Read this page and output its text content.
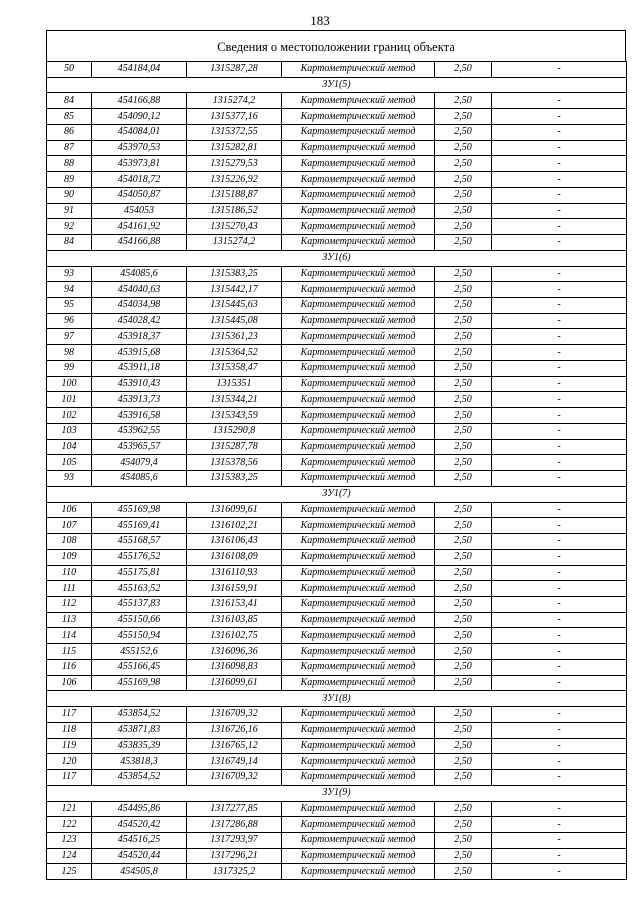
183
Сведения о местоположении границ объекта
50	454184,04	1315287,28	Картометрический метод	2,50	-
ЗУ1(5)					
84	454166,88	1315274,2	Картометрический метод	2,50	-
85	454090,12	1315377,16	Картометрический метод	2,50	-
86	454084,01	1315372,55	Картометрический метод	2,50	-
87	453970,53	1315282,81	Картометрический метод	2,50	-
88	453973,81	1315279,53	Картометрический метод	2,50	-
89	454018,72	1315226,92	Картометрический метод	2,50	-
90	454050,87	1315188,87	Картометрический метод	2,50	-
91	454053	1315186,52	Картометрический метод	2,50	-
92	454161,92	1315270,43	Картометрический метод	2,50	-
84	454166,88	1315274,2	Картометрический метод	2,50	-
ЗУ1(6)					
93	454085,6	1315383,25	Картометрический метод	2,50	-
94	454040,63	1315442,17	Картометрический метод	2,50	-
95	454034,98	1315445,63	Картометрический метод	2,50	-
96	454028,42	1315445,08	Картометрический метод	2,50	-
97	453918,37	1315361,23	Картометрический метод	2,50	-
98	453915,68	1315364,52	Картометрический метод	2,50	-
99	453911,18	1315358,47	Картометрический метод	2,50	-
100	453910,43	1315351	Картометрический метод	2,50	-
101	453913,73	1315344,21	Картометрический метод	2,50	-
102	453916,58	1315343,59	Картометрический метод	2,50	-
103	453962,55	1315290,8	Картометрический метод	2,50	-
104	453965,57	1315287,78	Картометрический метод	2,50	-
105	454079,4	1315378,56	Картометрический метод	2,50	-
93	454085,6	1315383,25	Картометрический метод	2,50	-
ЗУ1(7)					
106	455169,98	1316099,61	Картометрический метод	2,50	-
107	455169,41	1316102,21	Картометрический метод	2,50	-
108	455168,57	1316106,43	Картометрический метод	2,50	-
109	455176,52	1316108,09	Картометрический метод	2,50	-
110	455175,81	1316110,93	Картометрический метод	2,50	-
111	455163,52	1316159,91	Картометрический метод	2,50	-
112	455137,83	1316153,41	Картометрический метод	2,50	-
113	455150,66	1316103,85	Картометрический метод	2,50	-
114	455150,94	1316102,75	Картометрический метод	2,50	-
115	455152,6	1316096,36	Картометрический метод	2,50	-
116	455166,45	1316098,83	Картометрический метод	2,50	-
106	455169,98	1316099,61	Картометрический метод	2,50	-
ЗУ1(8)					
117	453854,52	1316709,32	Картометрический метод	2,50	-
118	453871,83	1316726,16	Картометрический метод	2,50	-
119	453835,39	1316765,12	Картометрический метод	2,50	-
120	453818,3	1316749,14	Картометрический метод	2,50	-
117	453854,52	1316709,32	Картометрический метод	2,50	-
ЗУ1(9)					
121	454495,86	1317277,85	Картометрический метод	2,50	-
122	454520,42	1317286,88	Картометрический метод	2,50	-
123	454516,25	1317293,97	Картометрический метод	2,50	-
124	454520,44	1317296,21	Картометрический метод	2,50	-
125	454505,8	1317325,2	Картометрический метод	2,50	-
